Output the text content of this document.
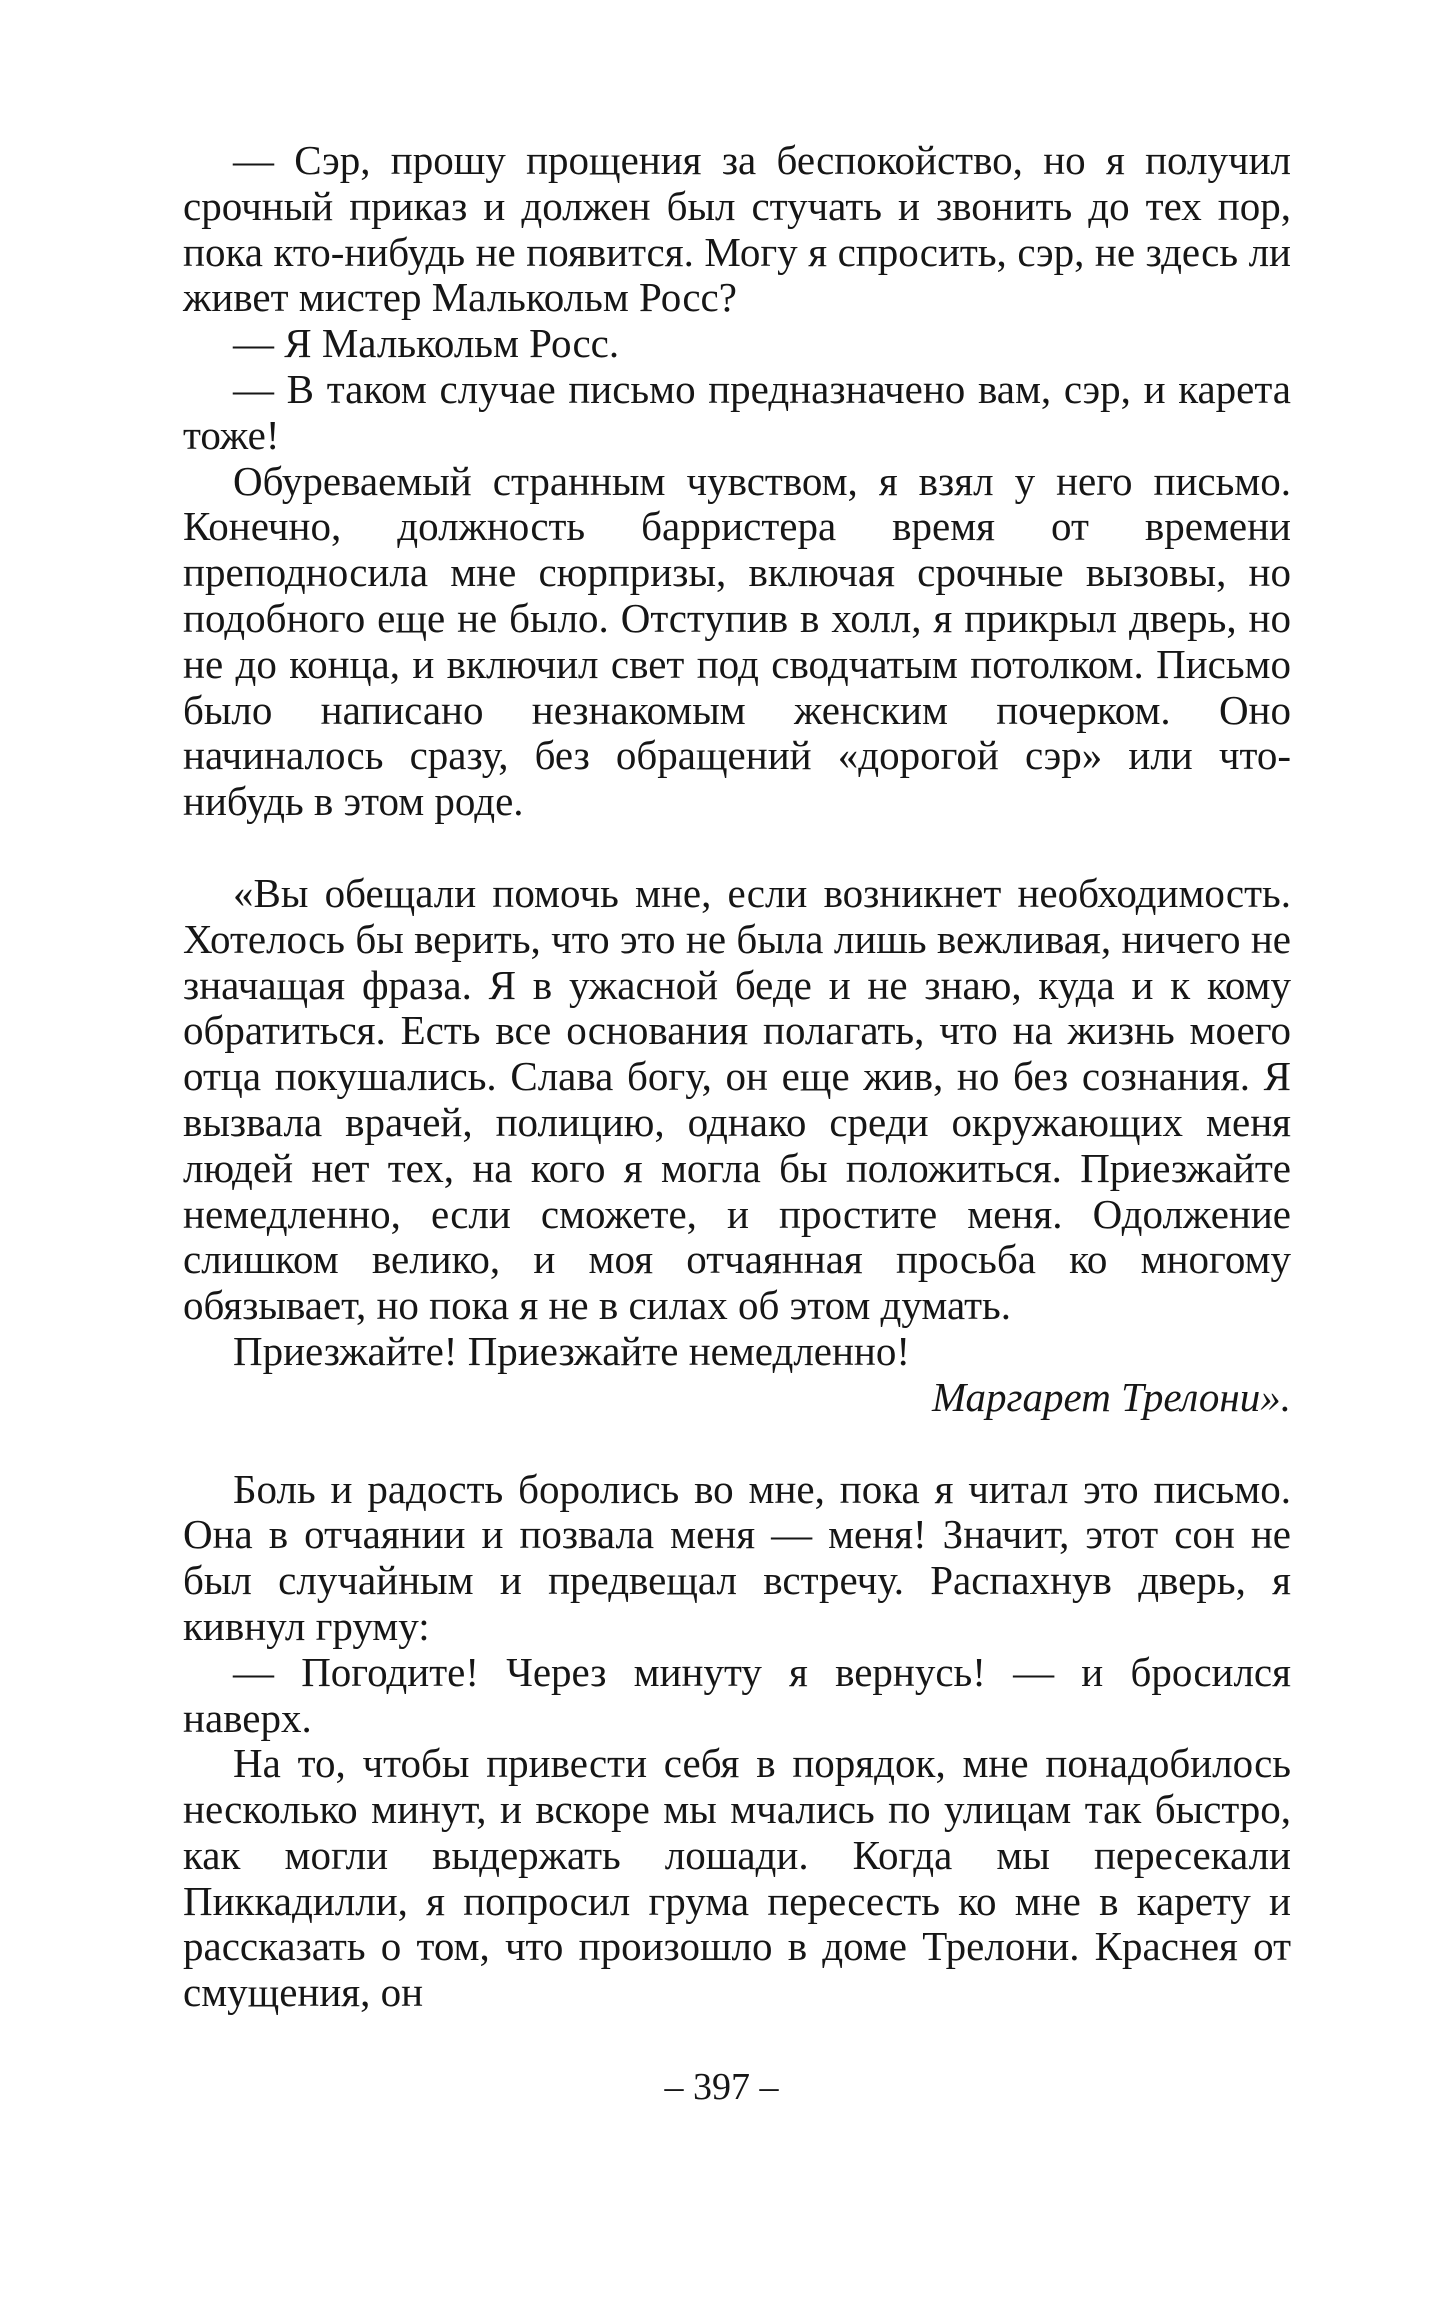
— Сэр, прошу прощения за беспокойство, но я получил срочный приказ и должен был стучать и звонить до тех пор, пока кто-нибудь не появится. Могу я спросить, сэр, не здесь ли живет мистер Малькольм Росс?

— Я Малькольм Росс.

— В таком случае письмо предназначено вам, сэр, и карета тоже!

Обуреваемый странным чувством, я взял у него письмо. Конечно, должность барристера время от времени преподносила мне сюрпризы, включая срочные вызовы, но подобного еще не было. Отступив в холл, я прикрыл дверь, но не до конца, и включил свет под сводчатым потолком. Письмо было написано незнакомым женским почерком. Оно начиналось сразу, без обращений «дорогой сэр» или что-нибудь в этом роде.

«Вы обещали помочь мне, если возникнет необходимость. Хотелось бы верить, что это не была лишь вежливая, ничего не значащая фраза. Я в ужасной беде и не знаю, куда и к кому обратиться. Есть все основания полагать, что на жизнь моего отца покушались. Слава богу, он еще жив, но без сознания. Я вызвала врачей, полицию, однако среди окружающих меня людей нет тех, на кого я могла бы положиться. Приезжайте немедленно, если сможете, и простите меня. Одолжение слишком велико, и моя отчаянная просьба ко многому обязывает, но пока я не в силах об этом думать.

Приезжайте! Приезжайте немедленно!

Маргарет Трелони».

Боль и радость боролись во мне, пока я читал это письмо. Она в отчаянии и позвала меня — меня! Значит, этот сон не был случайным и предвещал встречу. Распахнув дверь, я кивнул груму:

— Погодите! Через минуту я вернусь! — и бросился наверх.

На то, чтобы привести себя в порядок, мне понадобилось несколько минут, и вскоре мы мчались по улицам так быстро, как могли выдержать лошади. Когда мы пересекали Пиккадилли, я попросил грума пересесть ко мне в карету и рассказать о том, что произошло в доме Трелони. Краснея от смущения, он

– 397 –
